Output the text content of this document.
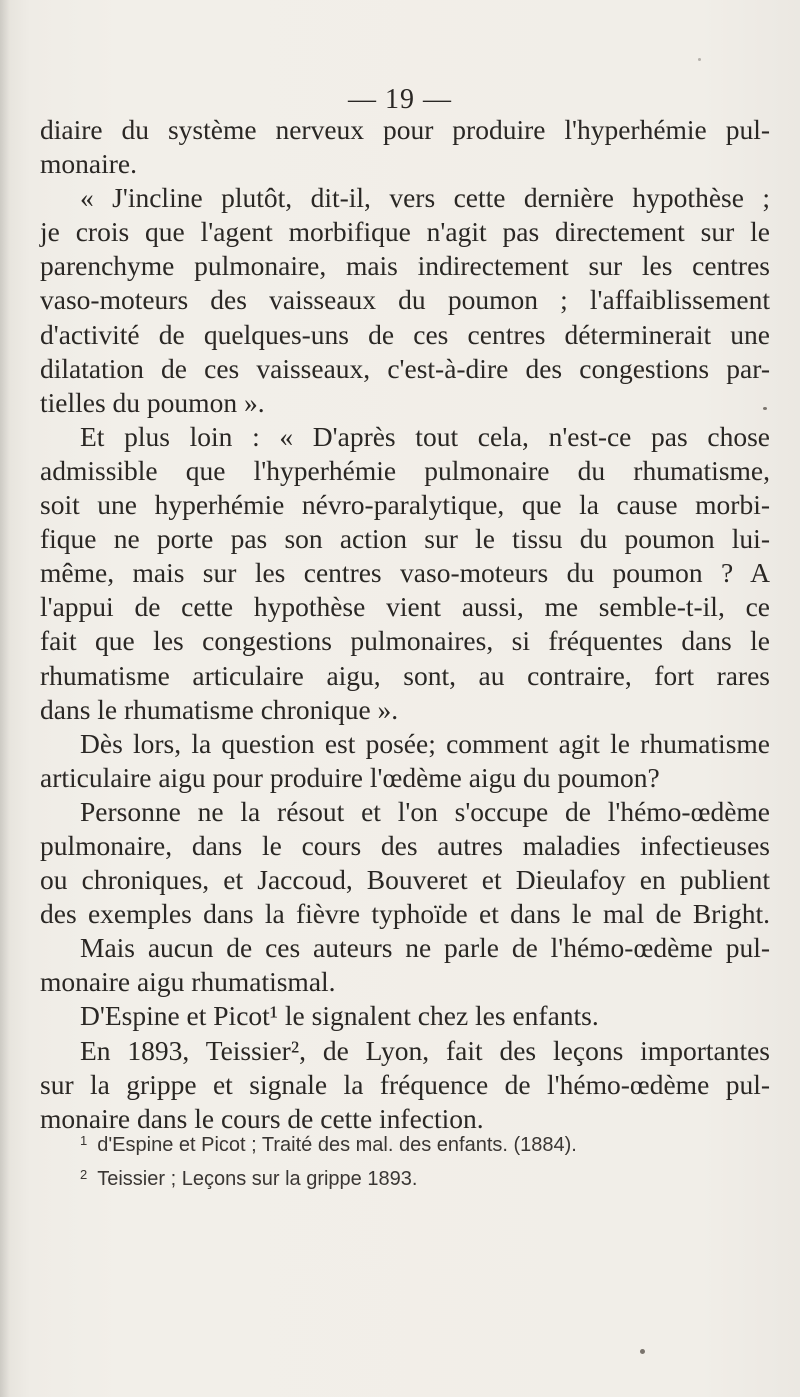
— 19 —
diaire du système nerveux pour produire l'hyperhémie pul-
monaire.
« J'incline plutôt, dit-il, vers cette dernière hypothèse ;
je crois que l'agent morbifique n'agit pas directement sur le
parenchyme pulmonaire, mais indirectement sur les centres
vaso-moteurs des vaisseaux du poumon ; l'affaiblissement
d'activité de quelques-uns de ces centres déterminerait une
dilatation de ces vaisseaux, c'est-à-dire des congestions par-
tielles du poumon ».
Et plus loin : « D'après tout cela, n'est-ce pas chose
admissible que l'hyperhémie pulmonaire du rhumatisme,
soit une hyperhémie névro-paralytique, que la cause morbi-
fique ne porte pas son action sur le tissu du poumon lui-
même, mais sur les centres vaso-moteurs du poumon ? A
l'appui de cette hypothèse vient aussi, me semble-t-il, ce
fait que les congestions pulmonaires, si fréquentes dans le
rhumatisme articulaire aigu, sont, au contraire, fort rares
dans le rhumatisme chronique ».
Dès lors, la question est posée; comment agit le rhumatisme
articulaire aigu pour produire l'œdème aigu du poumon?
Personne ne la résout et l'on s'occupe de l'hémo-œdème
pulmonaire, dans le cours des autres maladies infectieuses
ou chroniques, et Jaccoud, Bouveret et Dieulafoy en publient
des exemples dans la fièvre typhoïde et dans le mal de Bright.
Mais aucun de ces auteurs ne parle de l'hémo-œdème pul-
monaire aigu rhumatismal.
D'Espine et Picot¹ le signalent chez les enfants.
En 1893, Teissier², de Lyon, fait des leçons importantes
sur la grippe et signale la fréquence de l'hémo-œdème pul-
monaire dans le cours de cette infection.
$^1$ d'Espine et Picot ; Traité des mal. des enfants. (1884).
$^2$ Teissier ; Leçons sur la grippe 1893.
